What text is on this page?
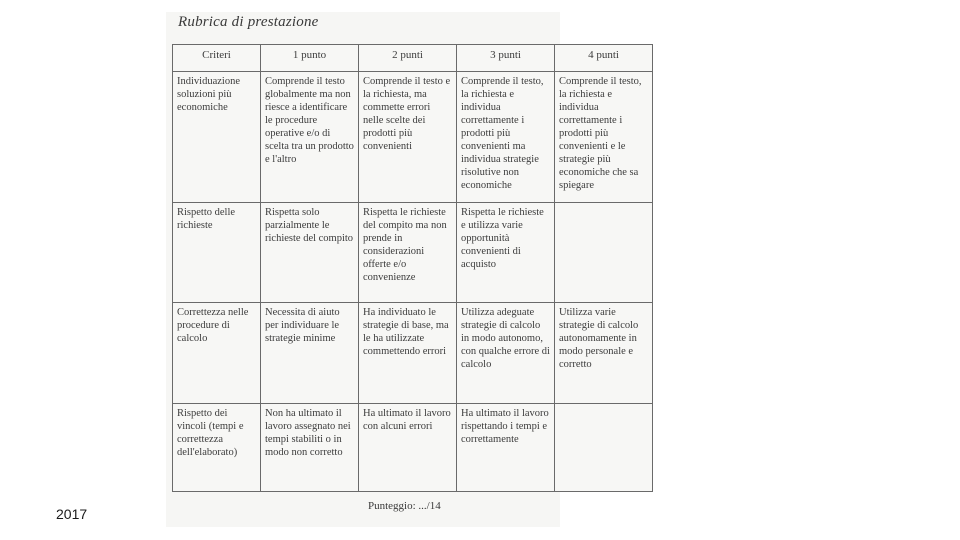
Rubrica di prestazione
Criteri	1 punto	2 punti	3 punti	4 punti
Individuazione soluzioni più economiche	Comprende il testo globalmente ma non riesce a identificare le procedure operative e/o di scelta tra un prodotto e l'altro	Comprende il testo e la richiesta, ma commette errori nelle scelte dei prodotti più convenienti	Comprende il testo, la richiesta e individua correttamente i prodotti più convenienti ma individua strategie risolutive non economiche	Comprende il testo, la richiesta e individua correttamente i prodotti più convenienti e le strategie più economiche che sa spiegare
Rispetto delle richieste	Rispetta solo parzialmente le richieste del compito	Rispetta le richieste del compito ma non prende in considerazioni offerte e/o convenienze	Rispetta le richieste e utilizza varie opportunità convenienti di acquisto	
Correttezza nelle procedure di calcolo	Necessita di aiuto per individuare le strategie minime	Ha individuato le strategie di base, ma le ha utilizzate commettendo errori	Utilizza adeguate strategie di calcolo in modo autonomo, con qualche errore di calcolo	Utilizza varie strategie di calcolo autonomamente in modo personale e corretto
Rispetto dei vincoli (tempi e correttezza dell'elaborato)	Non ha ultimato il lavoro assegnato nei tempi stabiliti o in modo non corretto	Ha ultimato il lavoro con alcuni errori	Ha ultimato il lavoro rispettando i tempi e correttamente	
Punteggio: .../14
2017
